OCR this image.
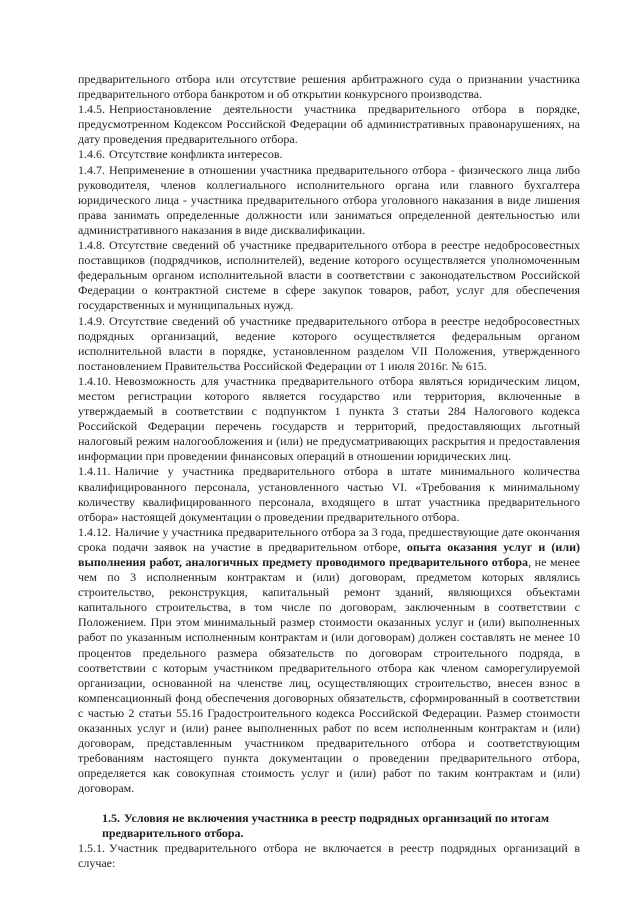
предварительного отбора или отсутствие решения арбитражного суда о признании участника предварительного отбора банкротом и об открытии конкурсного производства.

1.4.5. Неприостановление деятельности участника предварительного отбора в порядке, предусмотренном Кодексом Российской Федерации об административных правонарушениях, на дату проведения предварительного отбора.

1.4.6. Отсутствие конфликта интересов.

1.4.7. Неприменение в отношении участника предварительного отбора - физического лица либо руководителя, членов коллегиального исполнительного органа или главного бухгалтера юридического лица - участника предварительного отбора уголовного наказания в виде лишения права занимать определенные должности или заниматься определенной деятельностью или административного наказания в виде дисквалификации.

1.4.8. Отсутствие сведений об участнике предварительного отбора в реестре недобросовестных поставщиков (подрядчиков, исполнителей), ведение которого осуществляется уполномоченным федеральным органом исполнительной власти в соответствии с законодательством Российской Федерации о контрактной системе в сфере закупок товаров, работ, услуг для обеспечения государственных и муниципальных нужд.

1.4.9. Отсутствие сведений об участнике предварительного отбора в реестре недобросовестных подрядных организаций, ведение которого осуществляется федеральным органом исполнительной власти в порядке, установленном разделом VII Положения, утвержденного постановлением Правительства Российской Федерации от 1 июля 2016г. № 615.

1.4.10. Невозможность для участника предварительного отбора являться юридическим лицом, местом регистрации которого является государство или территория, включенные в утверждаемый в соответствии с подпунктом 1 пункта 3 статьи 284 Налогового кодекса Российской Федерации перечень государств и территорий, предоставляющих льготный налоговый режим налогообложения и (или) не предусматривающих раскрытия и предоставления информации при проведении финансовых операций в отношении юридических лиц.

1.4.11. Наличие у участника предварительного отбора в штате минимального количества квалифицированного персонала, установленного частью VI. «Требования к минимальному количеству квалифицированного персонала, входящего в штат участника предварительного отбора» настоящей документации о проведении предварительного отбора.

1.4.12. Наличие у участника предварительного отбора за 3 года, предшествующие дате окончания срока подачи заявок на участие в предварительном отборе, опыта оказания услуг и (или) выполнения работ, аналогичных предмету проводимого предварительного отбора, не менее чем по 3 исполненным контрактам и (или) договорам, предметом которых являлись строительство, реконструкция, капитальный ремонт зданий, являющихся объектами капитального строительства, в том числе по договорам, заключенным в соответствии с Положением. При этом минимальный размер стоимости оказанных услуг и (или) выполненных работ по указанным исполненным контрактам и (или договорам) должен составлять не менее 10 процентов предельного размера обязательств по договорам строительного подряда, в соответствии с которым участником предварительного отбора как членом саморегулируемой организации, основанной на членстве лиц, осуществляющих строительство, внесен взнос в компенсационный фонд обеспечения договорных обязательств, сформированный в соответствии с частью 2 статьи 55.16 Градостроительного кодекса Российской Федерации. Размер стоимости оказанных услуг и (или) ранее выполненных работ по всем исполненным контрактам и (или) договорам, представленным участником предварительного отбора и соответствующим требованиям настоящего пункта документации о проведении предварительного отбора, определяется как совокупная стоимость услуг и (или) работ по таким контрактам и (или) договорам.

1.5. Условия не включения участника в реестр подрядных организаций по итогам предварительного отбора.

1.5.1. Участник предварительного отбора не включается в реестр подрядных организаций в случае:
